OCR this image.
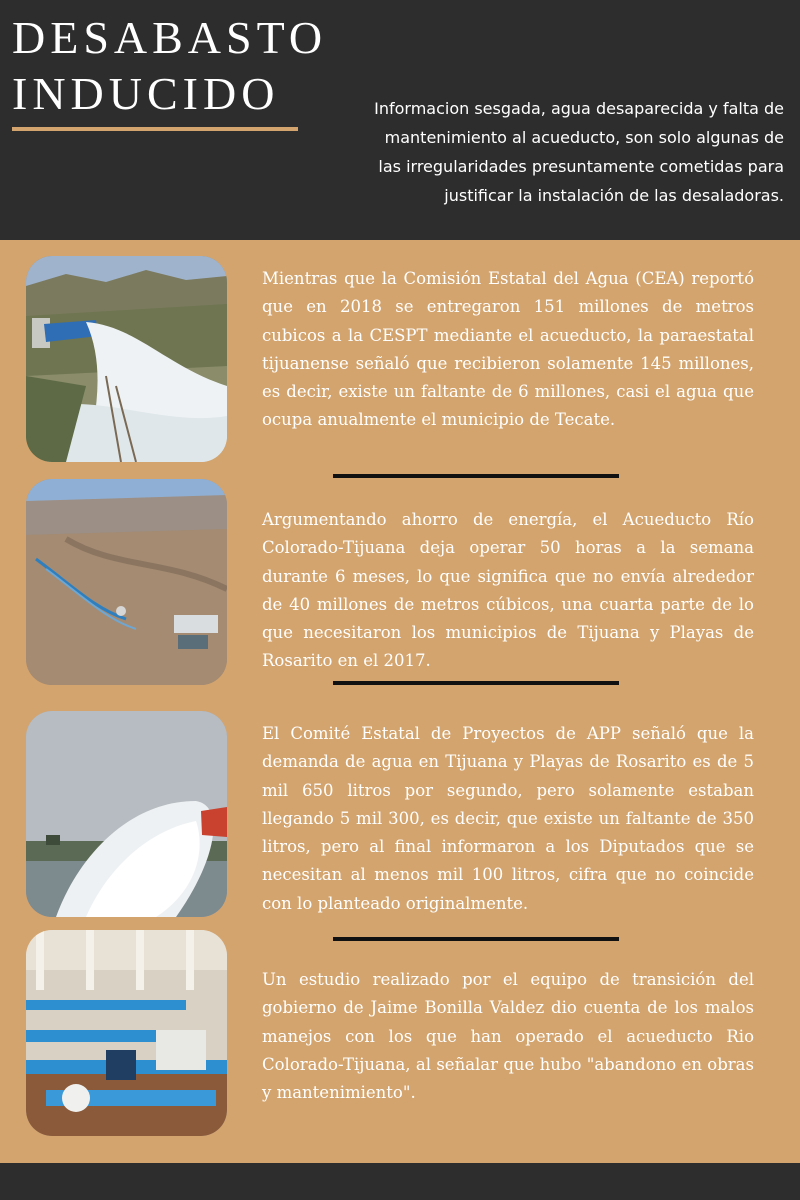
DESABASTO
INDUCIDO	Informacion sesgada, agua desaparecida y falta de mantenimiento al acueducto, son solo algunas de las irregularidades presuntamente cometidas para justificar la instalación de las desaladoras.
Mientras que la Comisión Estatal del Agua (CEA) reportó que en 2018 se entregaron 151 millones de metros cubicos a la CESPT mediante el acueducto, la paraestatal tijuanense señaló que recibieron solamente 145 millones, es decir, existe un faltante de 6 millones, casi el agua que ocupa anualmente el municipio de Tecate.
Argumentando ahorro de energía, el Acueducto Río Colorado-Tijuana deja operar 50 horas a la semana durante 6 meses, lo que significa que no envía alrededor de 40 millones de metros cúbicos, una cuarta parte de lo que necesitaron los municipios de Tijuana y Playas de Rosarito en el 2017.
El Comité Estatal de Proyectos de APP señaló que la demanda de agua en Tijuana y Playas de Rosarito es de 5 mil 650 litros por segundo, pero solamente estaban llegando 5 mil 300, es decir, que existe un faltante de 350 litros, pero al final informaron a los Diputados que se necesitan al menos mil 100 litros, cifra que no coincide con lo planteado originalmente.
Un estudio realizado por el equipo de transición del gobierno de Jaime Bonilla Valdez dio cuenta de los malos manejos con los que han operado el acueducto Rio Colorado-Tijuana, al señalar que hubo "abandono en obras y mantenimiento".
